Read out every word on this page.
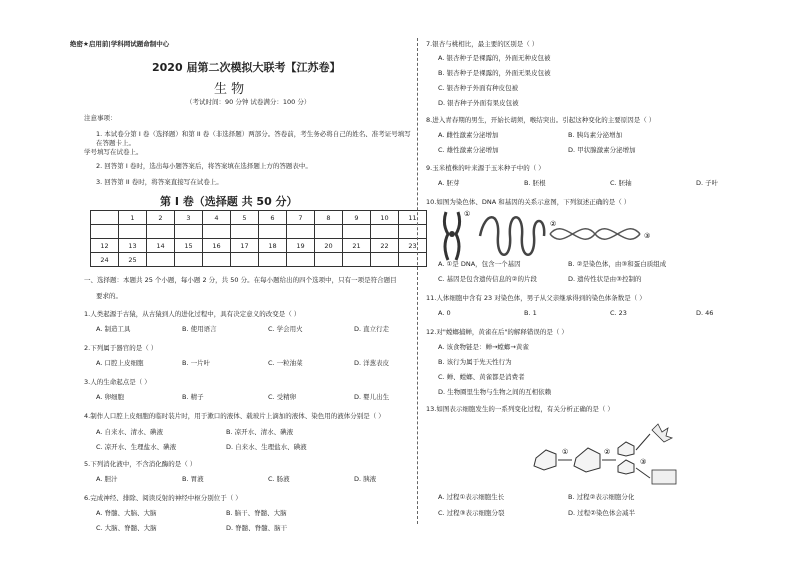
绝密★启用前|学科网试题命制中心
2020 届第二次模拟大联考【江苏卷】
生 物
（考试时间：90 分钟 试卷满分：100 分）
注意事项：
1. 本试卷分第 I 卷（选择题）和第 II 卷（非选择题）两部分。答卷前，考生务必将自己的姓名、准考证号填写在答题卡上。
学号填写在试卷上。
2. 回答第 I 卷时，选出每小题答案后，将答案填在选择题上方的答题表中。
3. 回答第 II 卷时，将答案直接写在试卷上。
第 I 卷（选择题 共 50 分）
	1	2	3	4	5	6	7	8	9	10	11

12	13	14	15	16	17	18	19	20	21	22	23
24	25										
一、选择题：本题共 25 个小题，每小题 2 分，共 50 分。在每小题给出的四个选项中，只有一项是符合题目
要求的。
1.人类起源于古猿，从古猿到人的进化过程中，具有决定意义的改变是（ ）
A. 制造工具	B. 使用语言	C. 学会用火	D. 直立行走
2.下列属于器官的是（ ）
A. 口腔上皮细胞	B. 一片叶	C. 一粒油菜	D. 洋葱表皮
3.人的生命起点是（ ）
A. 卵细胞	B. 精子	C. 受精卵	D. 婴儿出生
4.制作人口腔上皮细胞的临时装片时，用于漱口的液体、载玻片上滴加的液体、染色用的液体分别是（ ）
A. 自来水、清水、碘液	B. 凉开水、清水、碘液
C. 凉开水、生理盐水、碘液	D. 自来水、生理盐水、碘液
5.下列消化液中，不含消化酶的是（ ）
A. 胆汁	B. 胃液	C. 肠液	D. 胰液
6.完成神经、排除、阅读反射的神经中枢分别位于（ ）
A. 脊髓、大脑、大脑	B. 脑干、脊髓、大脑
C. 大脑、脊髓、大脑	D. 脊髓、脊髓、脑干
7.银杏与桃相比，最主要的区别是（ ）
A. 银杏种子是裸露的，外面无种皮包被
B. 银杏种子是裸露的，外面无果皮包被
C. 银杏种子外面有种皮包被
D. 银杏种子外面有果皮包被
8.进入青春期的男生，开始长胡须，喉结突出。引起这种变化的主要原因是（ ）
A. 雌性激素分泌增加	B. 胰岛素分泌增加
C. 雄性激素分泌增加	D. 甲状腺激素分泌增加
9.玉米植株的叶来源于玉米种子中的（ ）
A. 胚芽	B. 胚根	C. 胚轴	D. 子叶
10.如图为染色体、DNA 和基因的关系示意图，下列叙述正确的是（ ）
A. ①是 DNA，包含一个基因	B. ②是染色体，由③和蛋白质组成
C. 基因是包含遗传信息的②的片段	D. 遗传性状是由③控制的
11.人体细胞中含有 23 对染色体，男子从父亲继承得到的染色体条数是（ ）
A. 0	B. 1	C. 23	D. 46
12.对"螳螂捕蝉，黄雀在后"的解释错误的是（ ）
A. 该食物链是：蝉→螳螂→黄雀
B. 该行为属于先天性行为
C. 蝉、螳螂、黄雀都是消费者
D. 生物圈里生物与生物之间的互相依赖
13.如图表示细胞发生的一系列变化过程，有关分析正确的是（ ）
A. 过程①表示细胞生长	B. 过程②表示细胞分化
C. 过程③表示细胞分裂	D. 过程②染色体会减半
①
②
③
①	②
③
